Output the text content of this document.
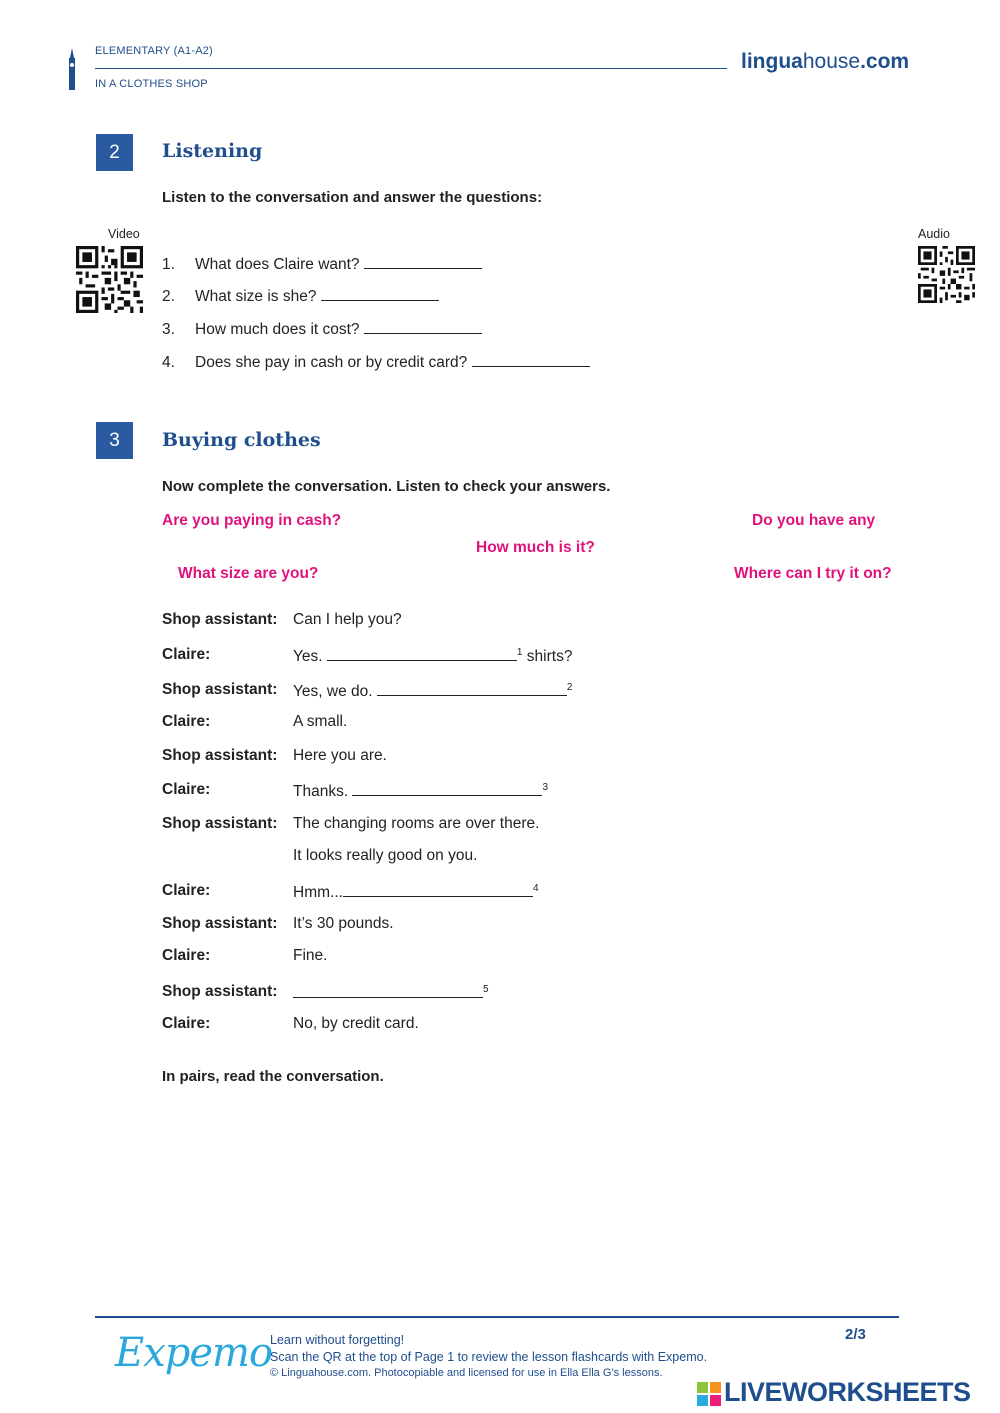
ELEMENTARY (A1-A2)
IN A CLOTHES SHOP
linguahouse.com
2	Listening
Listen to the conversation and answer the questions:
Video	Audio
1. What does Claire want?
2. What size is she?
3. How much does it cost?
4. Does she pay in cash or by credit card?
3	Buying clothes
Now complete the conversation. Listen to check your answers.
Are you paying in cash?	Do you have any
How much is it?
What size are you?	Where can I try it on?
Shop assistant: Can I help you?
Claire:	Yes.	$^1$ shirts?
Shop assistant: Yes, we do.	$^2$
Claire:	A small.
Shop assistant: Here you are.
Claire:	Thanks.	$^3$
Shop assistant: The changing rooms are over there.
It looks really good on you.
Claire:	Hmm...	$^4$
Shop assistant: It’s 30 pounds.
Claire:	Fine.
Shop assistant:	$^5$
Claire:	No, by credit card.
In pairs, read the conversation.
Expemo
Learn without forgetting!
Scan the QR at the top of Page 1 to review the lesson flashcards with Expemo.
© Linguahouse.com. Photocopiable and licensed for use in Ella Ella G’s lessons.
2/3
LIVEWORKSHEETS
